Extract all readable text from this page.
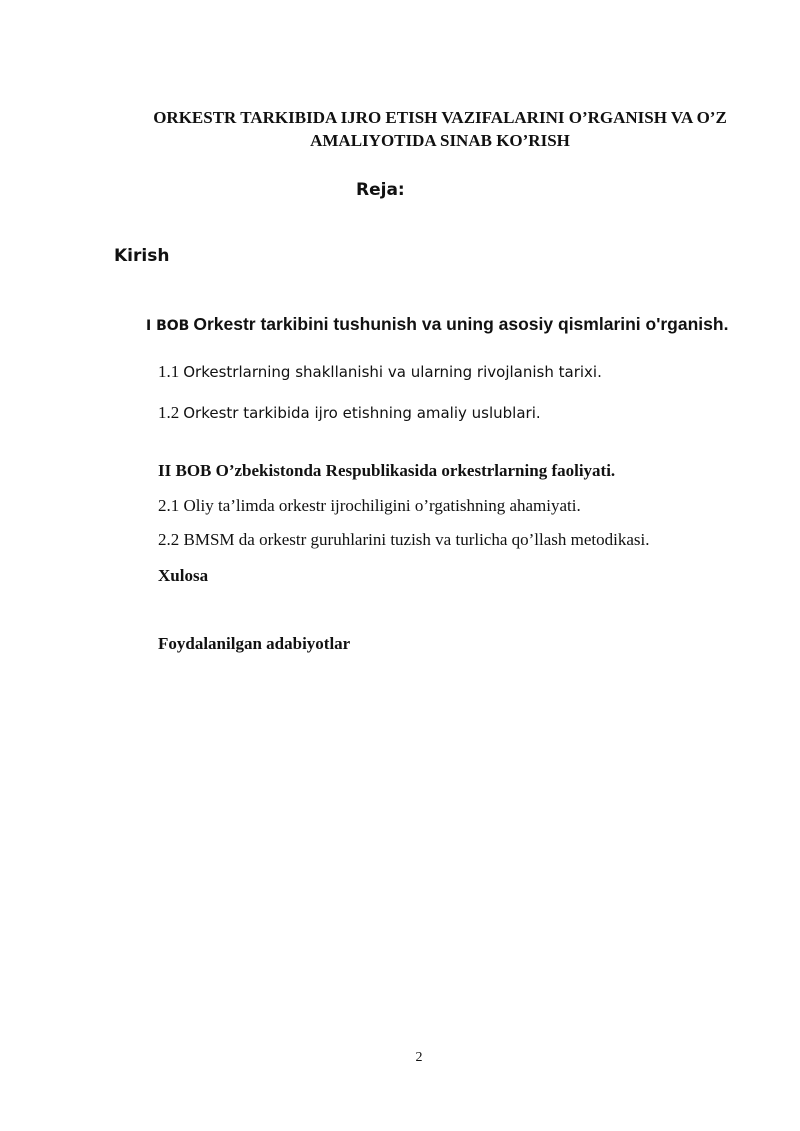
ORKESTR TARKIBIDA IJRO ETISH VAZIFALARINI O’RGANISH VA O’Z AMALIYOTIDA SINAB KO’RISH

Reja:

Kirish

I BOB Orkestr tarkibini tushunish va uning asosiy qismlarini o'rganish.

1.1 Orkestrlarning shakllanishi va ularning rivojlanish tarixi.

1.2 Orkestr tarkibida ijro etishning amaliy uslublari.

II BOB O’zbekistonda Respublikasida orkestrlarning faoliyati.

2.1 Oliy ta’limda orkestr ijrochiligini o’rgatishning ahamiyati.

2.2 BMSM da orkestr guruhlarini tuzish va turlicha qo’llash metodikasi.

Xulosa

Foydalanilgan adabiyotlar

2
